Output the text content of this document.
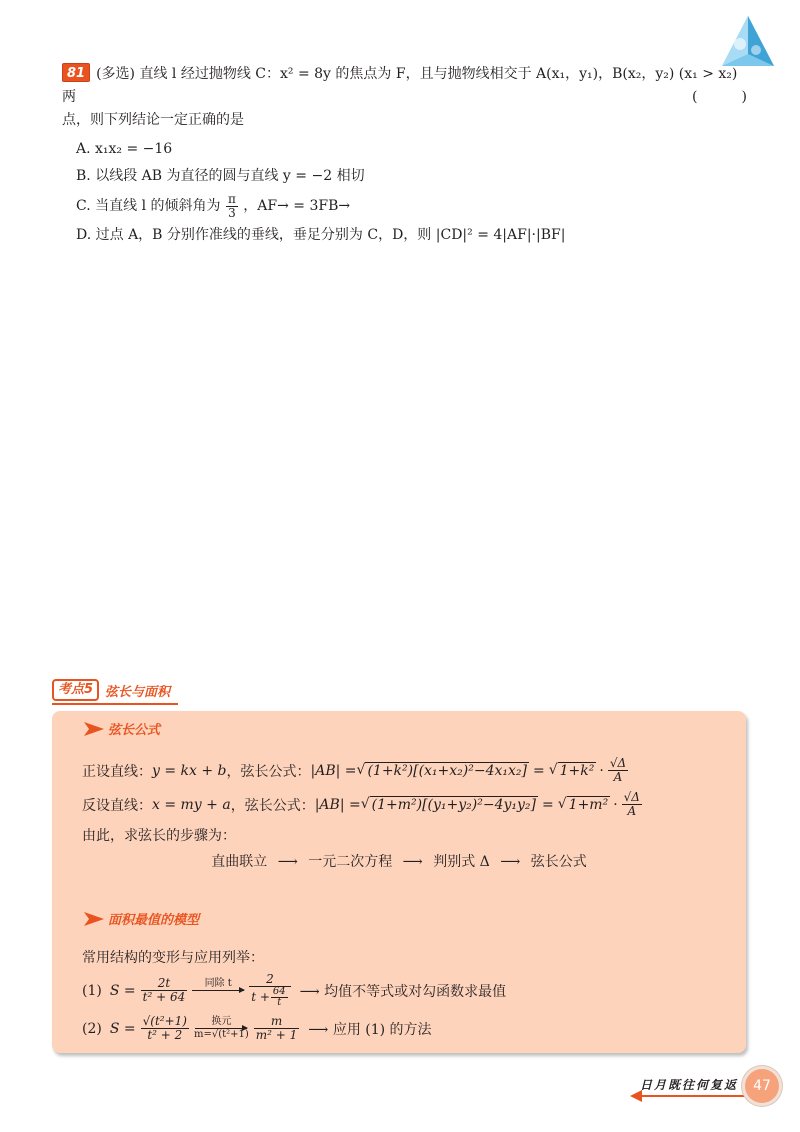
81 (多选) 直线 l 经过抛物线 C：x² = 8y 的焦点为 F，且与抛物线相交于 A(x₁，y₁)，B(x₂，y₂) (x₁ > x₂) 两
点，则下列结论一定正确的是
(	)
A. x₁x₂ = −16
B. 以线段 AB 为直径的圆与直线 y = −2 相切
C. 当直线 l 的倾斜角为 $\frac{\pi}{3}$ ，AF→ = 3FB→
D. 过点 A，B 分别作准线的垂线，垂足分别为 C，D，则 |CD|² = 4|AF|·|BF|
考点5 弦长与面积
弦长公式
正设直线： y = kx + b ，弦长公式： |AB| = √ (1+k²)[(x₁+x₂)²−4x₁x₂] = √ $1+k^2 \cdot \frac{√\Delta}{A}$
反设直线： x = my + a ，弦长公式： |AB| = √ (1+m²)[(y₁+y₂)²−4y₁y₂] = √ $1+m^2 \cdot \frac{√\Delta}{A}$
由此，求弦长的步骤为：
直曲联立 ⟶ 一元二次方程 ⟶ 判别式 Δ ⟶ 弦长公式
面积最值的模型
常用结构的变形与应用列举：
(1) $S = \frac{2t}{\text{t² + 64}}$ 同除 t $\frac{2}{t + \frac{64}{t}}$ ⟶ 均值不等式或对勾函数求最值
(2) $S = \frac{\text{√(t²+1)}}{\text{t² + 2}}$ 换元
$m=√(t^2+1) \frac{m}{\text{m² + 1}}$ ⟶ 应用 (1) 的方法
日月既往何复返	47
